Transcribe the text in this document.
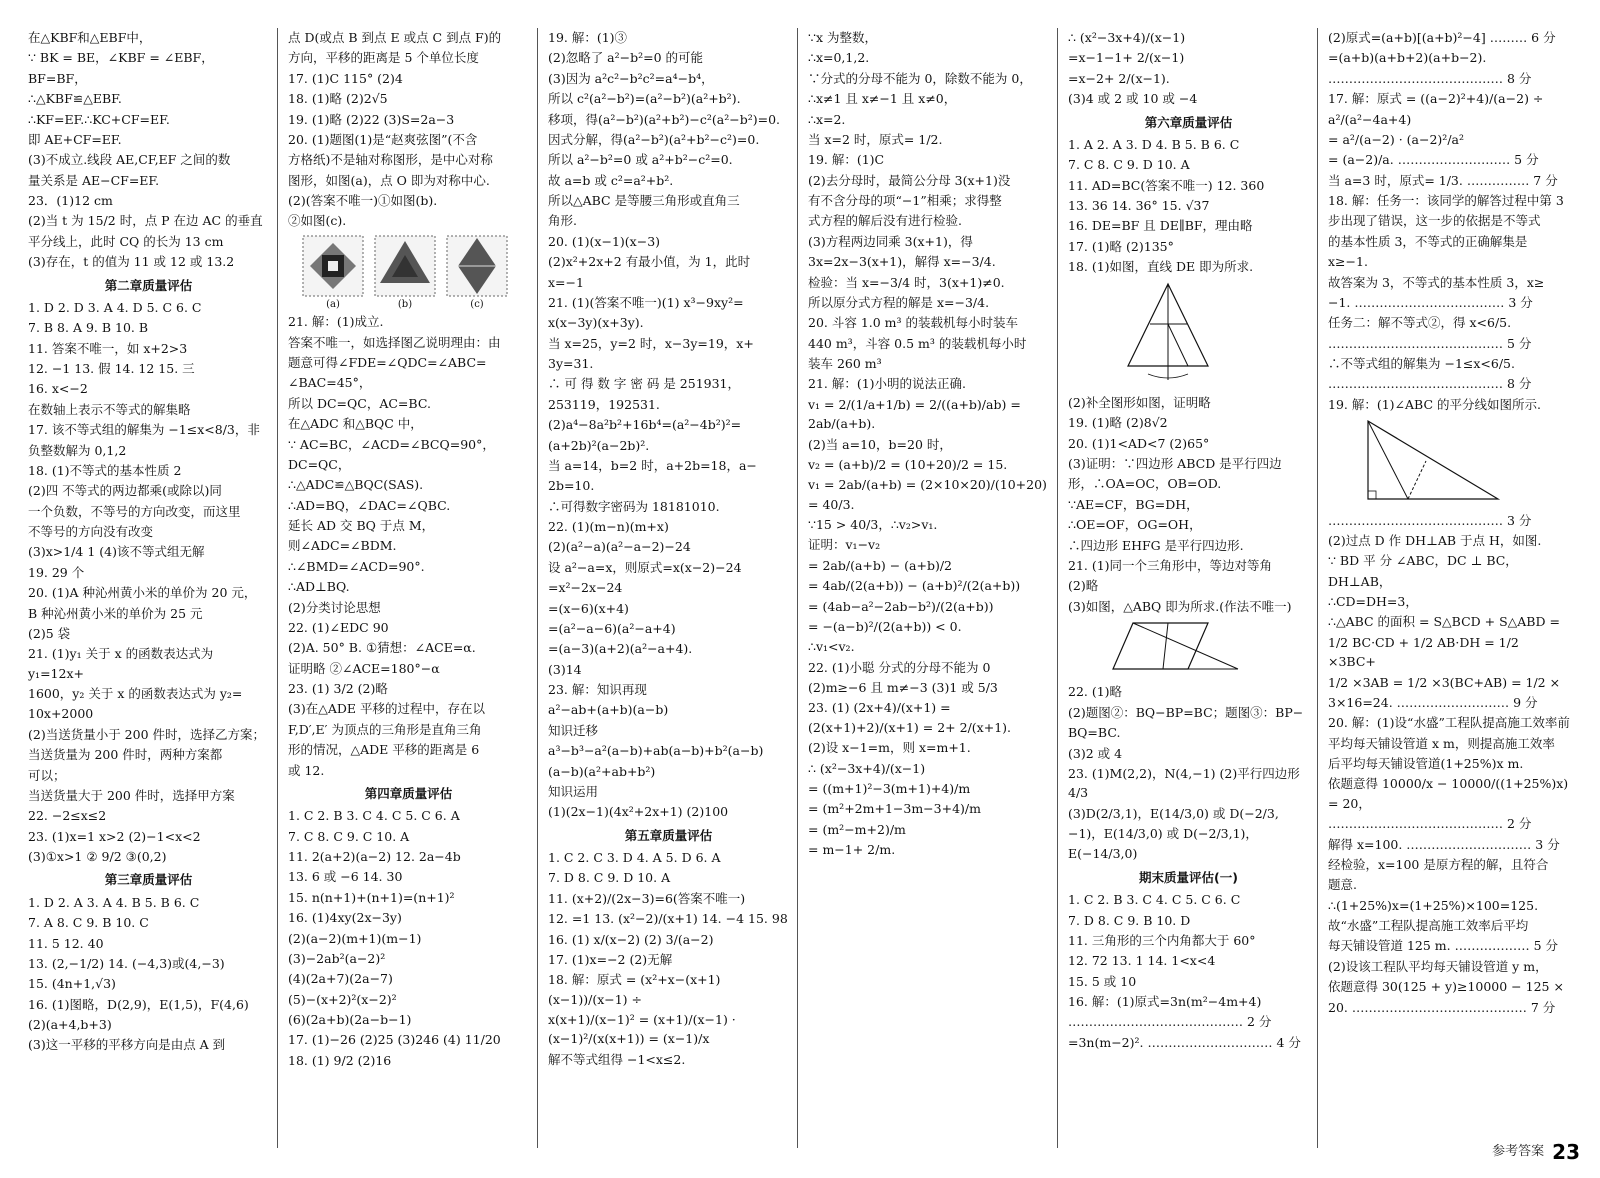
在△KBF和△EBF中，
∵ BK = BE，∠KBF = ∠EBF，
BF=BF，
∴△KBF≌△EBF.
∴KF=EF.∴KC+CF=EF.
即 AE+CF=EF.
(3)不成立.线段 AE,CF,EF 之间的数
量关系是 AE−CF=EF.
23．(1)12 cm
(2)当 t 为 15/2 时，点 P 在边 AC 的垂直
平分线上，此时 CQ 的长为 13 cm
(3)存在，t 的值为 11 或 12 或 13.2
第二章质量评估
1. D 2. D 3. A 4. D 5. C 6. C
7. B 8. A 9. B 10. B
11. 答案不唯一，如 x+2>3
12. −1 13. 假 14. 12 15. 三
16. x<−2
在数轴上表示不等式的解集略
17. 该不等式组的解集为 −1≤x<8/3，非
负整数解为 0,1,2
18. (1)不等式的基本性质 2
(2)四 不等式的两边都乘(或除以)同
一个负数，不等号的方向改变，而这里
不等号的方向没有改变
(3)x>1/4 1 (4)该不等式组无解
19. 29 个
20. (1)A 种沁州黄小米的单价为 20 元，
B 种沁州黄小米的单价为 25 元
(2)5 袋
21. (1)y₁ 关于 x 的函数表达式为 y₁=12x+
1600，y₂ 关于 x 的函数表达式为 y₂=
10x+2000
(2)当送货量小于 200 件时，选择乙方案；
当送货量为 200 件时，两种方案都
可以；
当送货量大于 200 件时，选择甲方案
22. −2≤x≤2
23. (1)x=1 x>2 (2)−1<x<2
(3)①x>1 ② 9/2 ③(0,2)
第三章质量评估
1. D 2. A 3. A 4. B 5. B 6. C
7. A 8. C 9. B 10. C
11. 5 12. 40
13. (2,−1/2) 14. (−4,3)或(4,−3)
15. (4n+1,√3)
16. (1)图略，D(2,9)，E(1,5)，F(4,6)
(2)(a+4,b+3)
(3)这一平移的平移方向是由点 A 到
点 D(或点 B 到点 E 或点 C 到点 F)的
方向，平移的距离是 5 个单位长度
17. (1)C 115° (2)4
18. (1)略 (2)2√5
19. (1)略 (2)22 (3)S=2a−3
20. (1)题图(1)是“赵爽弦图”(不含
方格纸)不是轴对称图形，是中心对称
图形，如图(a)，点 O 即为对称中心.
(2)(答案不唯一)①如图(b).
②如图(c).
(a)	(b)	(c)
21. 解：(1)成立.
答案不唯一，如选择图乙说明理由：由
题意可得∠FDE=∠QDC=∠ABC=
∠BAC=45°，
所以 DC=QC，AC=BC.
在△ADC 和△BQC 中，
∵ AC=BC，∠ACD=∠BCQ=90°，
DC=QC，
∴△ADC≌△BQC(SAS).
∴AD=BQ，∠DAC=∠QBC.
延长 AD 交 BQ 于点 M，
则∠ADC=∠BDM.
∴∠BMD=∠ACD=90°.
∴AD⊥BQ.
(2)分类讨论思想
22. (1)∠EDC 90
(2)A. 50° B. ①猜想：∠ACE=α.
证明略 ②∠ACE=180°−α
23. (1) 3/2 (2)略
(3)在△ADE 平移的过程中，存在以
F,D′,E′ 为顶点的三角形是直角三角
形的情况，△ADE 平移的距离是 6
或 12.
第四章质量评估
1. C 2. B 3. C 4. C 5. C 6. A
7. C 8. C 9. C 10. A
11. 2(a+2)(a−2) 12. 2a−4b
13. 6 或 −6 14. 30
15. n(n+1)+(n+1)=(n+1)²
16. (1)4xy(2x−3y)
(2)(a−2)(m+1)(m−1)
(3)−2ab²(a−2)²
(4)(2a+7)(2a−7)
(5)−(x+2)²(x−2)²
(6)(2a+b)(2a−b−1)
17. (1)−26 (2)25 (3)246 (4) 11/20
18. (1) 9/2 (2)16
19. 解：(1)③
(2)忽略了 a²−b²=0 的可能
(3)因为 a²c²−b²c²=a⁴−b⁴，
所以 c²(a²−b²)=(a²−b²)(a²+b²).
移项，得(a²−b²)(a²+b²)−c²(a²−b²)=0.
因式分解，得(a²−b²)(a²+b²−c²)=0.
所以 a²−b²=0 或 a²+b²−c²=0.
故 a=b 或 c²=a²+b².
所以△ABC 是等腰三角形或直角三
角形.
20. (1)(x−1)(x−3)
(2)x²+2x+2 有最小值，为 1，此时
x=−1
21. (1)(答案不唯一)(1) x³−9xy²=
x(x−3y)(x+3y).
当 x=25，y=2 时，x−3y=19，x+
3y=31.
∴ 可 得 数 字 密 码 是 251931，
253119，192531.
(2)a⁴−8a²b²+16b⁴=(a²−4b²)²=
(a+2b)²(a−2b)².
当 a=14，b=2 时，a+2b=18，a−
2b=10.
∴可得数字密码为 18181010.
22. (1)(m−n)(m+x)
(2)(a²−a)(a²−a−2)−24
设 a²−a=x，则原式=x(x−2)−24
=x²−2x−24
=(x−6)(x+4)
=(a²−a−6)(a²−a+4)
=(a−3)(a+2)(a²−a+4).
(3)14
23. 解：知识再现
a²−ab+(a+b)(a−b)
知识迁移
a³−b³−a²(a−b)+ab(a−b)+b²(a−b)
(a−b)(a²+ab+b²)
知识运用
(1)(2x−1)(4x²+2x+1) (2)100
第五章质量评估
1. C 2. C 3. D 4. A 5. D 6. A
7. D 8. C 9. D 10. A
11. (x+2)/(2x−3)=6(答案不唯一)
12. =1 13. (x²−2)/(x+1) 14. −4 15. 98
16. (1) x/(x−2) (2) 3/(a−2)
17. (1)x=−2 (2)无解
18. 解：原式 = (x²+x−(x+1)(x−1))/(x−1) ÷
x(x+1)/(x−1)² = (x+1)/(x−1) · (x−1)²/(x(x+1)) = (x−1)/x
解不等式组得 −1<x≤2.
∵x 为整数，
∴x=0,1,2.
∵分式的分母不能为 0，除数不能为 0，
∴x≠1 且 x≠−1 且 x≠0，
∴x=2.
当 x=2 时，原式= 1/2.
19. 解：(1)C
(2)去分母时，最简公分母 3(x+1)没
有不含分母的项“−1”相乘；求得整
式方程的解后没有进行检验.
(3)方程两边同乘 3(x+1)，得
3x=2x−3(x+1)，解得 x=−3/4.
检验：当 x=−3/4 时，3(x+1)≠0.
所以原分式方程的解是 x=−3/4.
20. 斗容 1.0 m³ 的装载机每小时装车
440 m³，斗容 0.5 m³ 的装载机每小时
装车 260 m³
21. 解：(1)小明的说法正确.
v₁ = 2/(1/a+1/b) = 2/((a+b)/ab) = 2ab/(a+b).
(2)当 a=10，b=20 时，
v₂ = (a+b)/2 = (10+20)/2 = 15.
v₁ = 2ab/(a+b) = (2×10×20)/(10+20) = 40/3.
∵15 > 40/3，∴v₂>v₁.
证明：v₁−v₂
= 2ab/(a+b) − (a+b)/2
= 4ab/(2(a+b)) − (a+b)²/(2(a+b))
= (4ab−a²−2ab−b²)/(2(a+b))
= −(a−b)²/(2(a+b)) < 0.
∴v₁<v₂.
22. (1)小聪 分式的分母不能为 0
(2)m≥−6 且 m≠−3 (3)1 或 5/3
23. (1) (2x+4)/(x+1) = (2(x+1)+2)/(x+1) = 2+ 2/(x+1).
(2)设 x−1=m，则 x=m+1.
∴ (x²−3x+4)/(x−1)
= ((m+1)²−3(m+1)+4)/m
= (m²+2m+1−3m−3+4)/m
= (m²−m+2)/m
= m−1+ 2/m.
∴ (x²−3x+4)/(x−1)
=x−1−1+ 2/(x−1)
=x−2+ 2/(x−1).
(3)4 或 2 或 10 或 −4
第六章质量评估
1. A 2. A 3. D 4. B 5. B 6. C
7. C 8. C 9. D 10. A
11. AD=BC(答案不唯一) 12. 360
13. 36 14. 36° 15. √37
16. DE=BF 且 DE∥BF，理由略
17. (1)略 (2)135°
18. (1)如图，直线 DE 即为所求.
(2)补全图形如图，证明略
19. (1)略 (2)8√2
20. (1)1<AD<7 (2)65°
(3)证明：∵四边形 ABCD 是平行四边
形，∴OA=OC，OB=OD.
∵AE=CF，BG=DH，
∴OE=OF，OG=OH，
∴四边形 EHFG 是平行四边形.
21. (1)同一个三角形中，等边对等角
(2)略
(3)如图，△ABQ 即为所求.(作法不唯一)
22. (1)略
(2)题图②：BQ−BP=BC；题图③：BP−
BQ=BC.
(3)2 或 4
23. (1)M(2,2)，N(4,−1) (2)平行四边形 4/3
(3)D(2/3,1)，E(14/3,0) 或 D(−2/3,
−1)，E(14/3,0) 或 D(−2/3,1)，
E(−14/3,0)
期末质量评估(一)
1. C 2. B 3. C 4. C 5. C 6. C
7. D 8. C 9. B 10. D
11. 三角形的三个内角都大于 60°
12. 72 13. 1 14. 1<x<4
15. 5 或 10
16. 解：(1)原式=3n(m²−4m+4)
…………………………………… 2 分
=3n(m−2)². ………………………… 4 分
(2)原式=(a+b)[(a+b)²−4] ……… 6 分
=(a+b)(a+b+2)(a+b−2).
…………………………………… 8 分
17. 解：原式 = ((a−2)²+4)/(a−2) ÷
a²/(a²−4a+4)
= a²/(a−2) · (a−2)²/a²
= (a−2)/a. ……………………… 5 分
当 a=3 时，原式= 1/3. …………… 7 分
18. 解：任务一：该同学的解答过程中第 3
步出现了错误，这一步的依据是不等式
的基本性质 3，不等式的正确解集是
x≥−1.
故答案为 3，不等式的基本性质 3，x≥
−1. ……………………………… 3 分
任务二：解不等式②，得 x<6/5.
…………………………………… 5 分
∴不等式组的解集为 −1≤x<6/5.
…………………………………… 8 分
19. 解：(1)∠ABC 的平分线如图所示.
…………………………………… 3 分
(2)过点 D 作 DH⊥AB 于点 H，如图.
∵ BD 平 分 ∠ABC，DC ⊥ BC，
DH⊥AB，
∴CD=DH=3，
∴△ABC 的面积 = S△BCD + S△ABD =
1/2 BC·CD + 1/2 AB·DH = 1/2 ×3BC+
1/2 ×3AB = 1/2 ×3(BC+AB) = 1/2 ×
3×16=24. ……………………… 9 分
20. 解：(1)设“水盛”工程队提高施工效率前
平均每天铺设管道 x m，则提高施工效率
后平均每天铺设管道(1+25%)x m.
依题意得 10000/x − 10000/((1+25%)x) = 20，
…………………………………… 2 分
解得 x=100. ………………………… 3 分
经检验，x=100 是原方程的解，且符合
题意.
∴(1+25%)x=(1+25%)×100=125.
故“水盛”工程队提高施工效率后平均
每天铺设管道 125 m. ……………… 5 分
(2)设该工程队平均每天铺设管道 y m，
依题意得 30(125 + y)≥10000 − 125 ×
20. …………………………………… 7 分
参考答案 23
